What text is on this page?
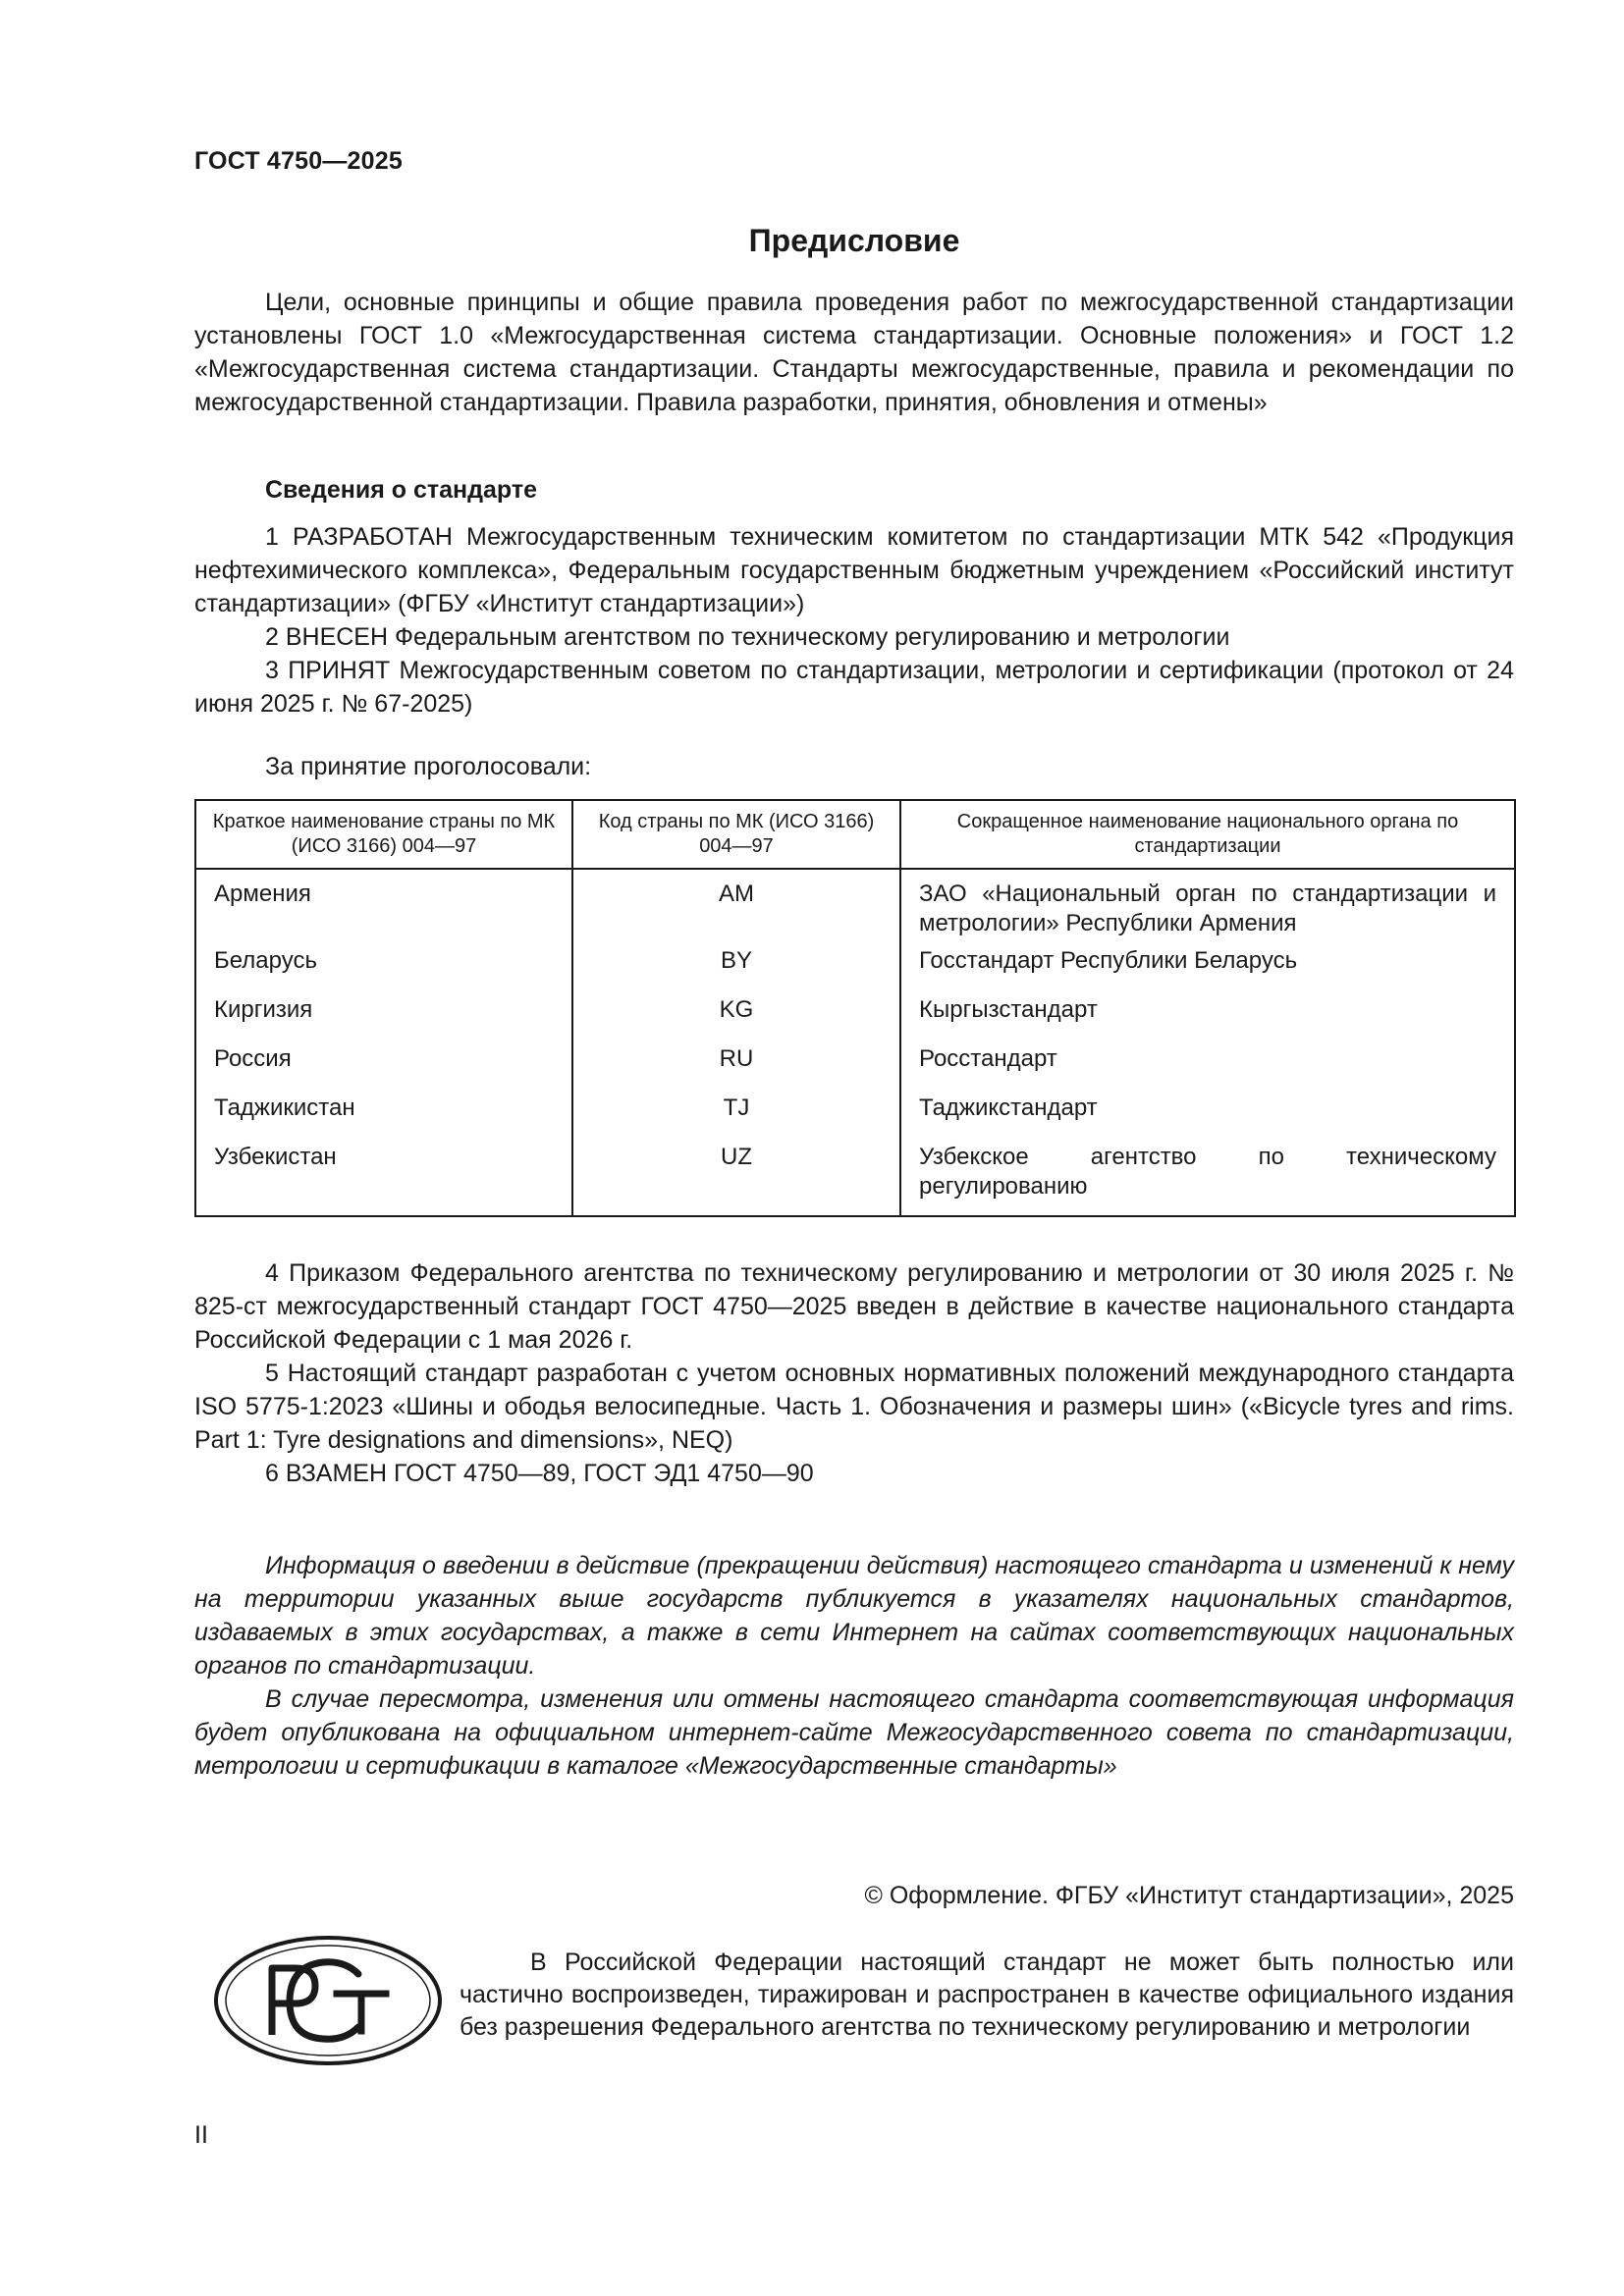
ГОСТ 4750—2025
Предисловие

Цели, основные принципы и общие правила проведения работ по межгосударственной стандартизации установлены ГОСТ 1.0 «Межгосударственная система стандартизации. Основные положения» и ГОСТ 1.2 «Межгосударственная система стандартизации. Стандарты межгосударственные, правила и рекомендации по межгосударственной стандартизации. Правила разработки, принятия, обновления и отмены»

Сведения о стандарте

1 РАЗРАБОТАН Межгосударственным техническим комитетом по стандартизации МТК 542 «Продукция нефтехимического комплекса», Федеральным государственным бюджетным учреждением «Российский институт стандартизации» (ФГБУ «Институт стандартизации»)

2 ВНЕСЕН Федеральным агентством по техническому регулированию и метрологии

3 ПРИНЯТ Межгосударственным советом по стандартизации, метрологии и сертификации (протокол от 24 июня 2025 г. № 67-2025)

За принятие проголосовали:
Краткое наименование страны по МК (ИСО 3166) 004—97	Код страны по МК (ИСО 3166) 004—97	Сокращенное наименование национального органа по стандартизации
Армения	AM	ЗАО «Национальный орган по стандартизации и метрологии» Республики Армения
Беларусь	BY	Госстандарт Республики Беларусь
Киргизия	KG	Кыргызстандарт
Россия	RU	Росстандарт
Таджикистан	TJ	Таджикстандарт
Узбекистан	UZ	Узбекское агентство по техническому регулированию

4 Приказом Федерального агентства по техническому регулированию и метрологии от 30 июля 2025 г. № 825-ст межгосударственный стандарт ГОСТ 4750—2025 введен в действие в качестве национального стандарта Российской Федерации с 1 мая 2026 г.

5 Настоящий стандарт разработан с учетом основных нормативных положений международного стандарта ISO 5775-1:2023 «Шины и ободья велосипедные. Часть 1. Обозначения и размеры шин» («Bicycle tyres and rims. Part 1: Tyre designations and dimensions», NEQ)

6 ВЗАМЕН ГОСТ 4750—89, ГОСТ ЭД1 4750—90

Информация о введении в действие (прекращении действия) настоящего стандарта и изменений к нему на территории указанных выше государств публикуется в указателях национальных стандартов, издаваемых в этих государствах, а также в сети Интернет на сайтах соответствующих национальных органов по стандартизации.

В случае пересмотра, изменения или отмены настоящего стандарта соответствующая информация будет опубликована на официальном интернет-сайте Межгосударственного совета по стандартизации, метрологии и сертификации в каталоге «Межгосударственные стандарты»

© Оформление. ФГБУ «Институт стандартизации», 2025

В Российской Федерации настоящий стандарт не может быть полностью или частично воспроизведен, тиражирован и распространен в качестве официального издания без разрешения Федерального агентства по техническому регулированию и метрологии

II
